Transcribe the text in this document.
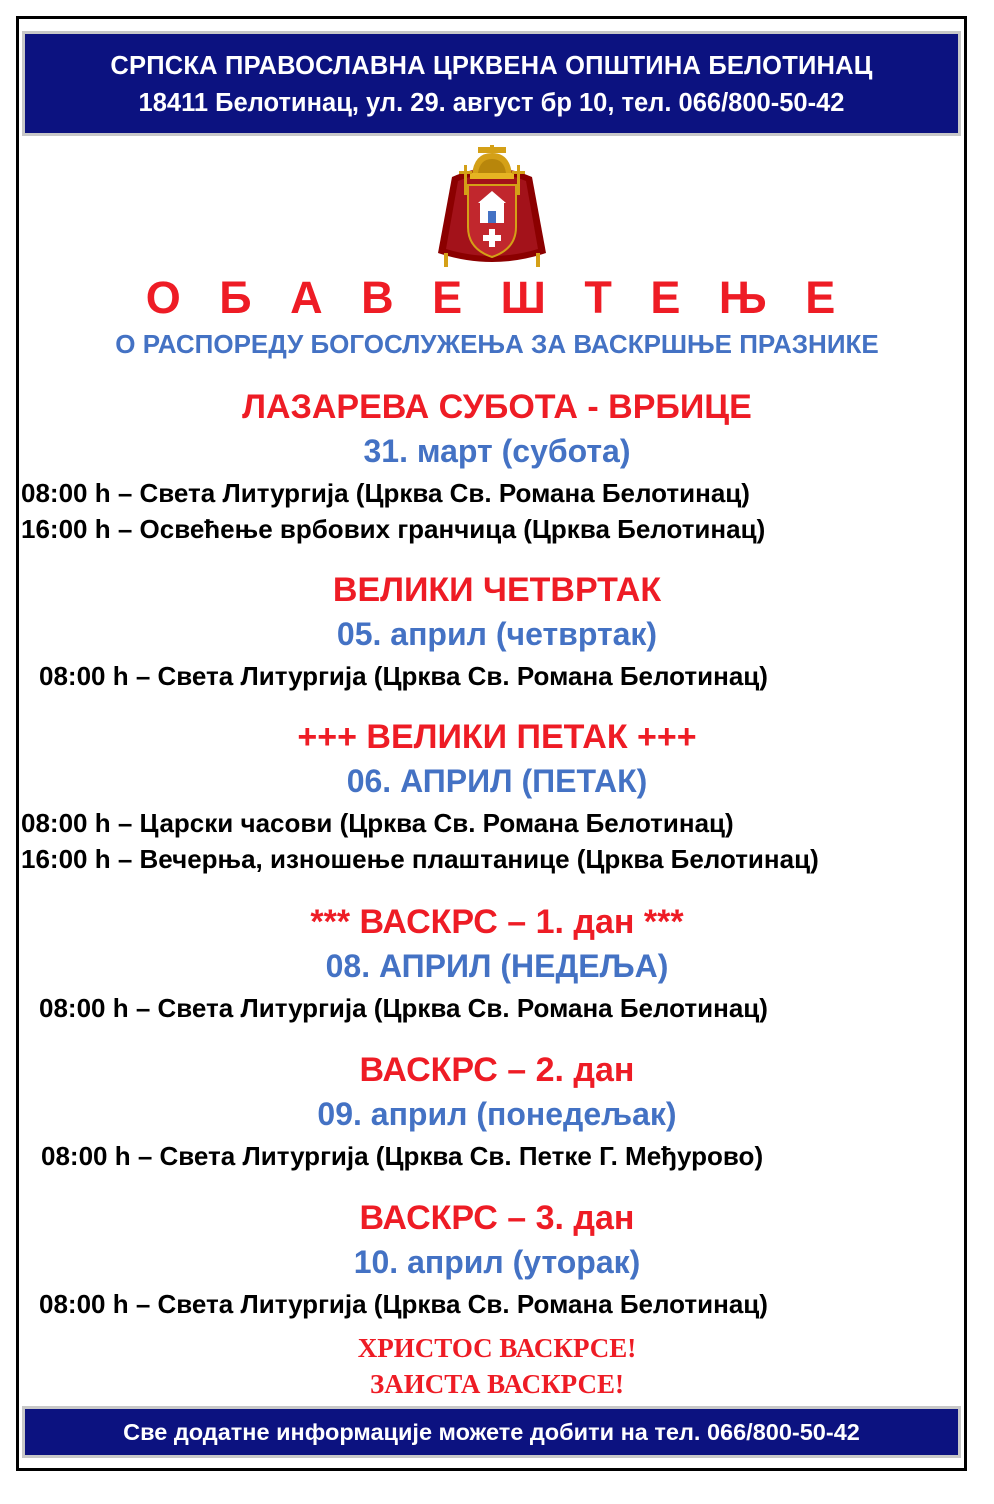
СРПСКА ПРАВОСЛАВНА ЦРКВЕНА ОПШТИНА БЕЛОТИНАЦ
18411 Белотинац, ул. 29. август бр 10, тел. 066/800-50-42
О Б А В Е Ш Т Е Њ Е
О РАСПОРЕДУ БОГОСЛУЖЕЊА ЗА ВАСКРШЊЕ ПРАЗНИКЕ
ЛАЗАРЕВА СУБОТА - ВРБИЦЕ
31. март (субота)
08:00 h – Света Литургија (Црква Св. Романа Белотинац)
16:00 h – Освећење врбових гранчица (Црква Белотинац)
ВЕЛИКИ ЧЕТВРТАК
05. април (четвртак)
08:00 h – Света Литургија (Црква Св. Романа Белотинац)
+++ ВЕЛИКИ ПЕТАК +++
06. АПРИЛ (ПЕТАК)
08:00 h – Царски часови (Црква Св. Романа Белотинац)
16:00 h – Вечерња, изношење плаштанице (Црква Белотинац)
*** ВАСКРС – 1. дан ***
08. АПРИЛ (НЕДЕЉА)
08:00 h – Света Литургија (Црква Св. Романа Белотинац)
ВАСКРС – 2. дан
09. април (понедељак)
08:00 h – Света Литургија (Црква Св. Петке Г. Међурово)
ВАСКРС – 3. дан
10. април (уторак)
08:00 h – Света Литургија (Црква Св. Романа Белотинац)
ХРИСТОС ВАСКРСЕ!
ЗАИСТА ВАСКРСЕ!
Све додатне информације можете добити на тел. 066/800-50-42
